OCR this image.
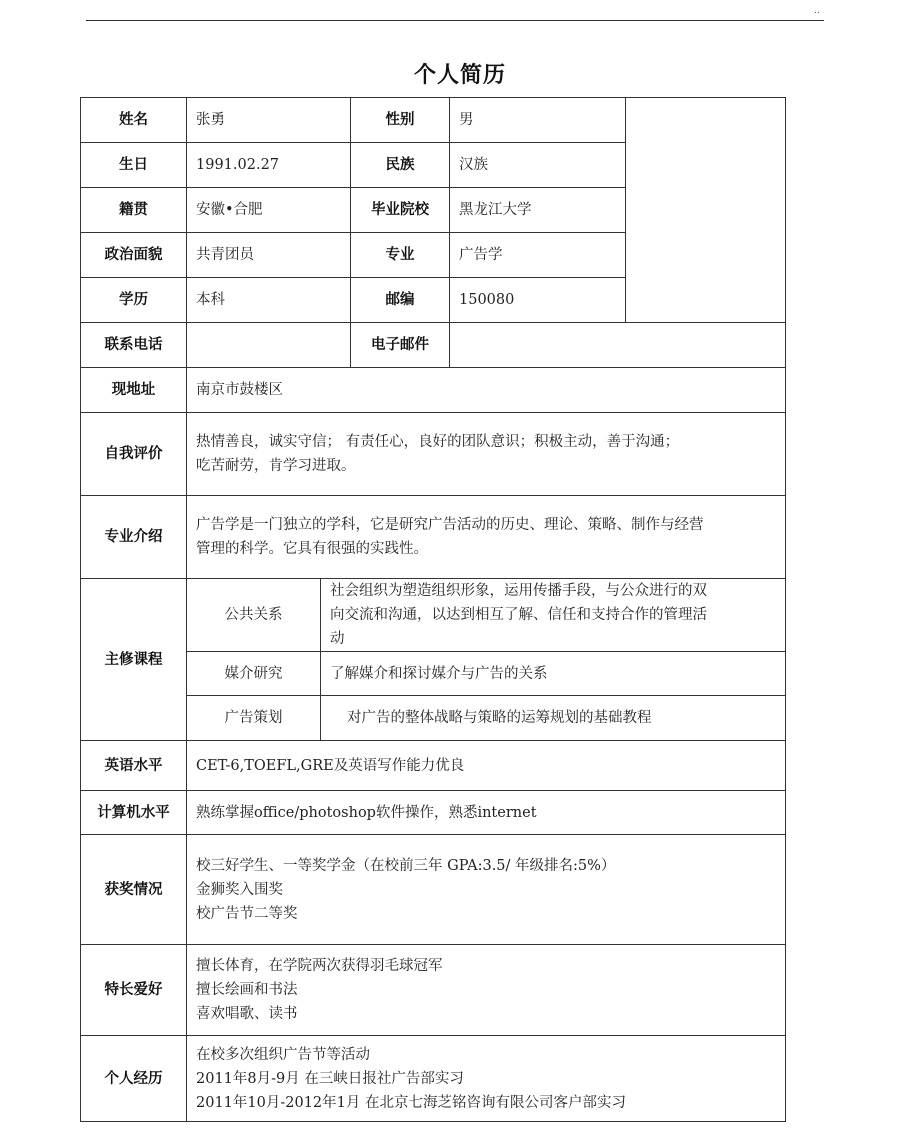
..
个人简历
姓名	张勇		性别	男	
生日	1991.02.27		民族	汉族	
籍贯	安徽•合肥		毕业院校	黑龙江大学	
政治面貌	共青团员		专业	广告学	
学历	本科		邮编	150080	
联系电话			电子邮件		
现地址	南京市鼓楼区				
自我评价	热情善良，诚实守信； 有责任心，良好的团队意识；积极主动，善于沟通；
吃苦耐劳，肯学习进取。				

专业介绍	广告学是一门独立的学科，它是研究广告活动的历史、理论、策略、制作与经营
管理的科学。它具有很强的实践性。				

主修课程	公共关系	社会组织为塑造组织形象，运用传播手段，与公众进行的双
向交流和沟通，以达到相互了解、信任和支持合作的管理活
动			

	媒介研究	了解媒介和探讨媒介与广告的关系			
	广告策划	对广告的整体战略与策略的运筹规划的基础教程			
英语水平	CET-6,TOEFL,GRE及英语写作能力优良				
计算机水平	熟练掌握office/photoshop软件操作，熟悉internet				
获奖情况	校三好学生、一等奖学金（在校前三年 GPA:3.5/ 年级排名:5%）
金狮奖入围奖
校广告节二等奖				

特长爱好	擅长体育，在学院两次获得羽毛球冠军
擅长绘画和书法
喜欢唱歌、读书				

个人经历	在校多次组织广告节等活动
2011年8月-9月 在三峡日报社广告部实习
2011年10月-2012年1月 在北京七海芝铭咨询有限公司客户部实习				
